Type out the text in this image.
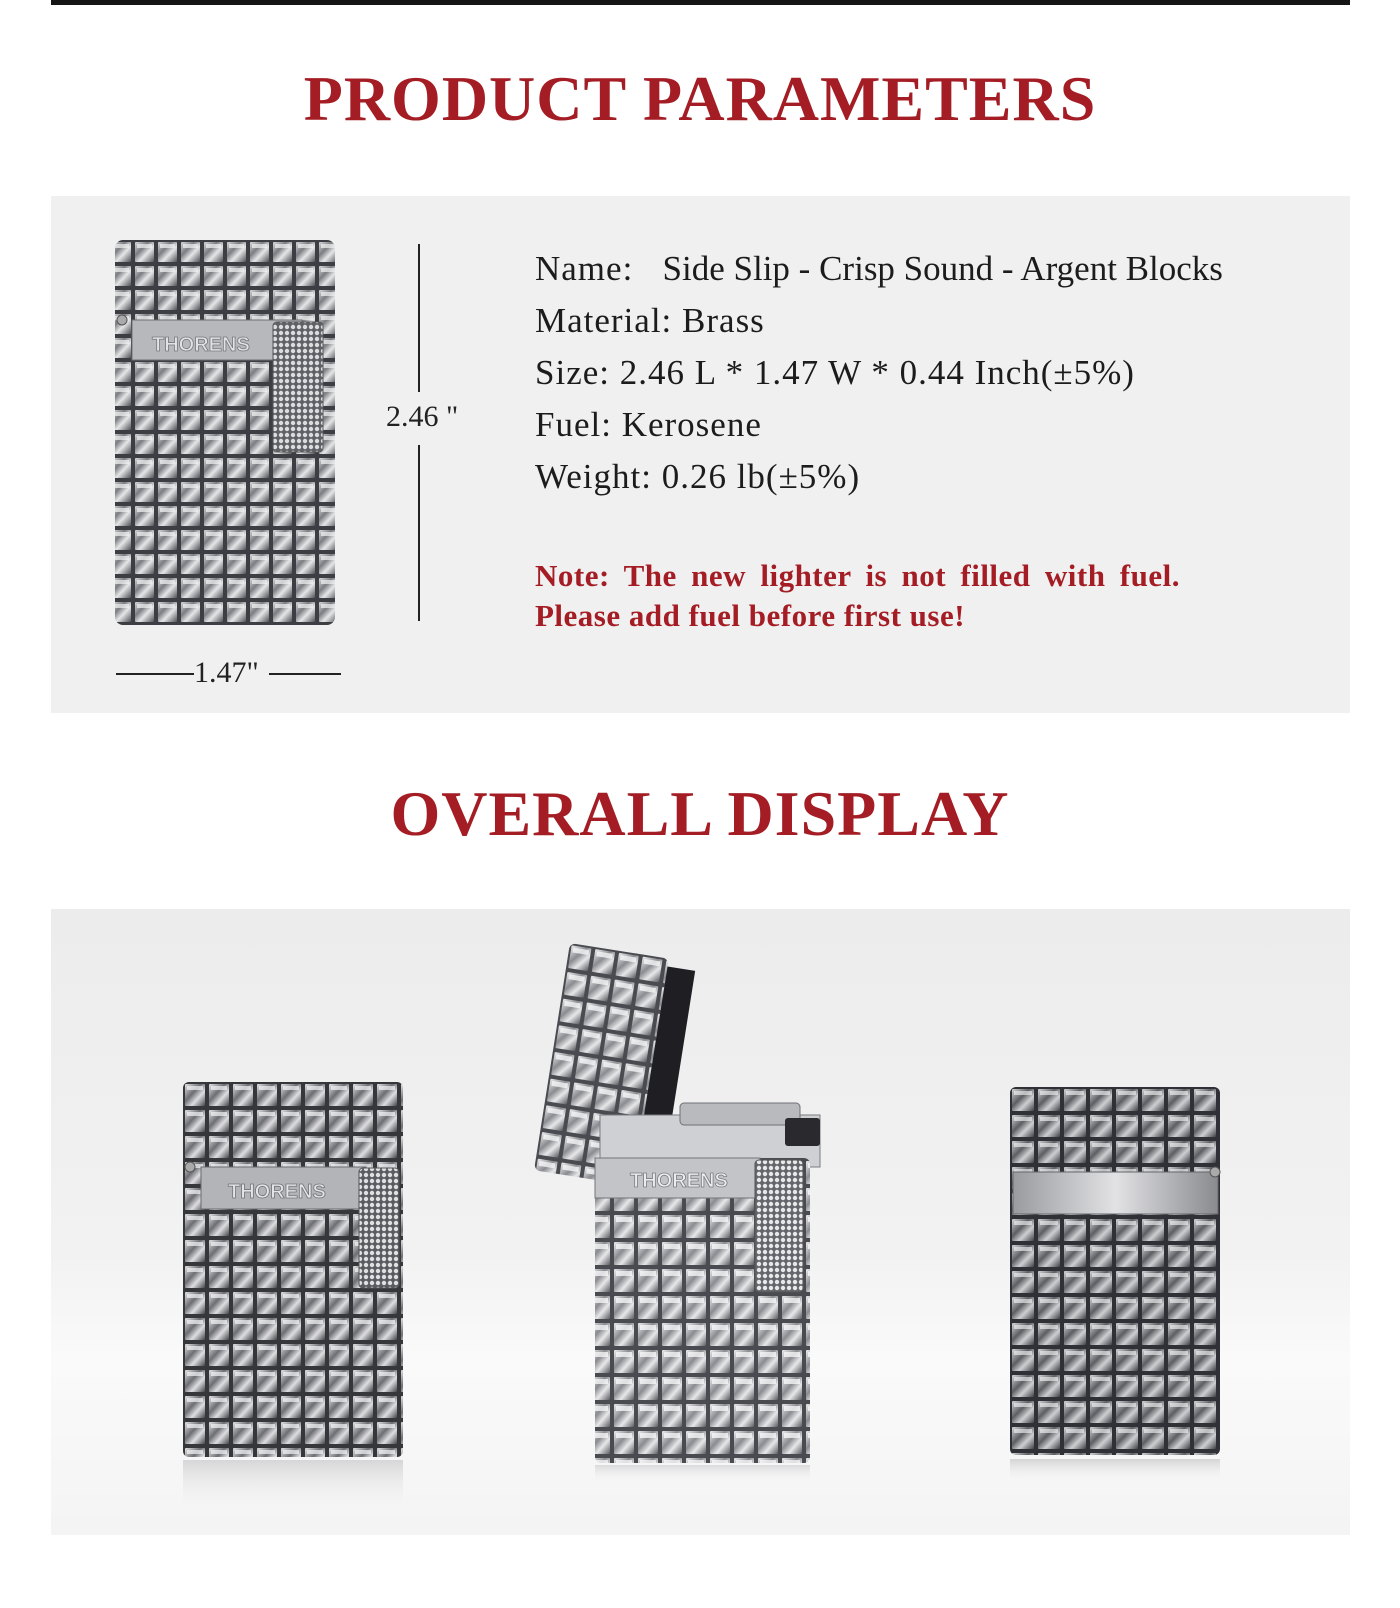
PRODUCT PARAMETERS
THORENS
2.46 "
1.47"
Name: Side Slip - Crisp Sound - Argent Blocks
Material: Brass
Size: 2.46 L * 1.47 W * 0.44 Inch(±5%)
Fuel: Kerosene
Weight: 0.26 lb(±5%)
Note: The new lighter is not filled with fuel. Please add fuel before first use!
OVERALL DISPLAY
THORENS	THORENS
